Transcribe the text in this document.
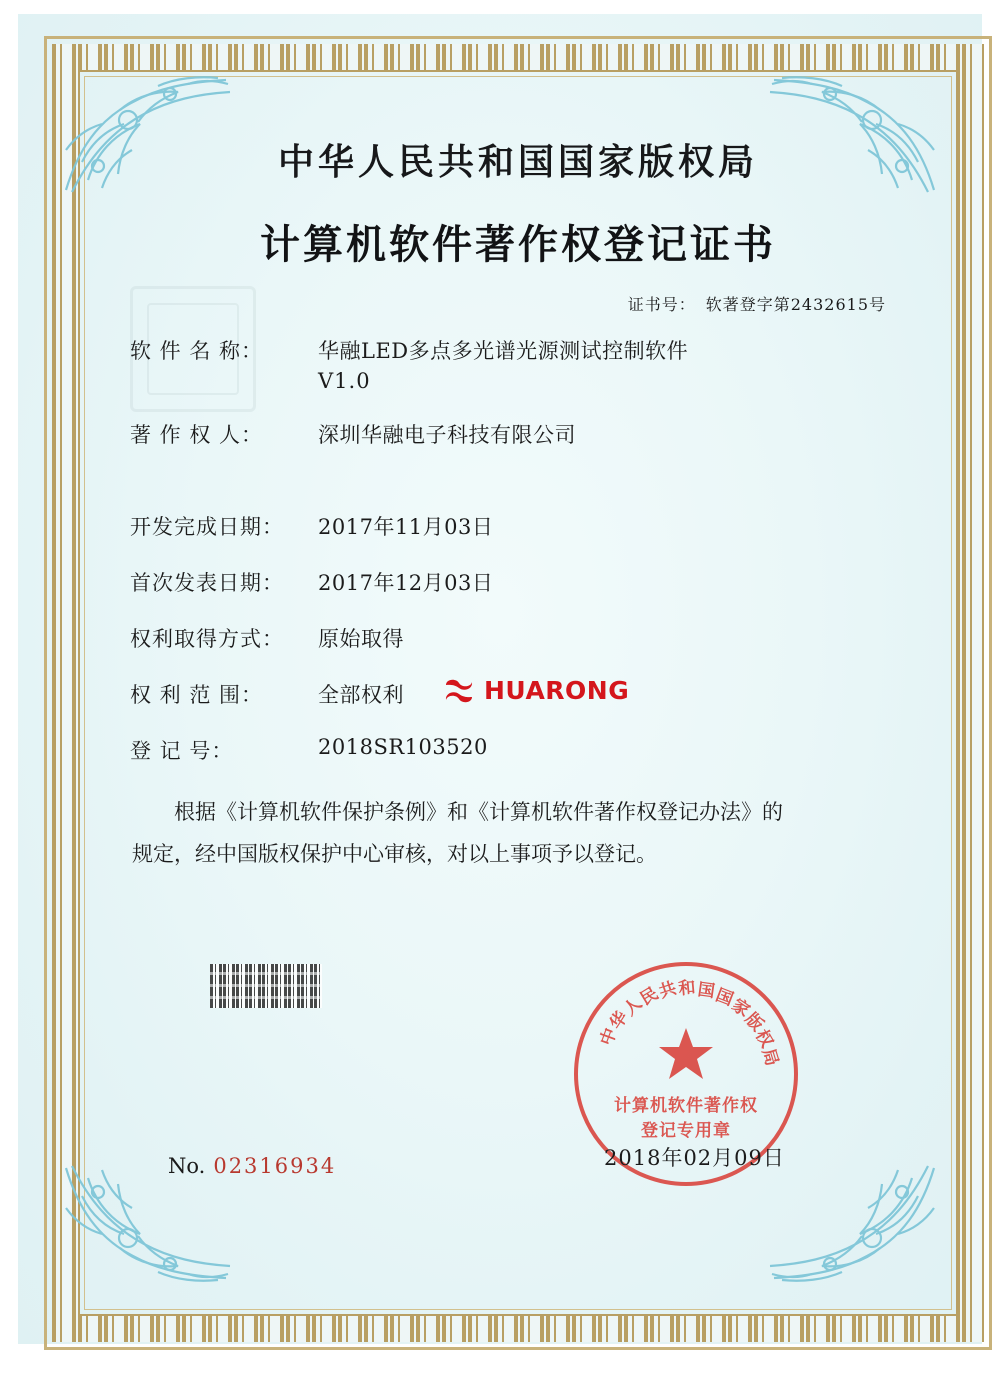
中华人民共和国国家版权局
计算机软件著作权登记证书
证书号： 软著登字第2432615号
软 件 名 称：	华融LED多点多光谱光源测试控制软件
V1.0
著 作 权 人：	深圳华融电子科技有限公司
开发完成日期：	2017年11月03日
首次发表日期：	2017年12月03日
权利取得方式：	原始取得
权 利 范 围：	全部权利
登 记 号：	2018SR103520
根据《计算机软件保护条例》和《计算机软件著作权登记办法》的
规定，经中国版权保护中心审核，对以上事项予以登记。
HUARONG
中
华
人
民
共
和 国
国
家
版
权
局
计算机软件著作权
登记专用章
2018年02月09日
No. 02316934
